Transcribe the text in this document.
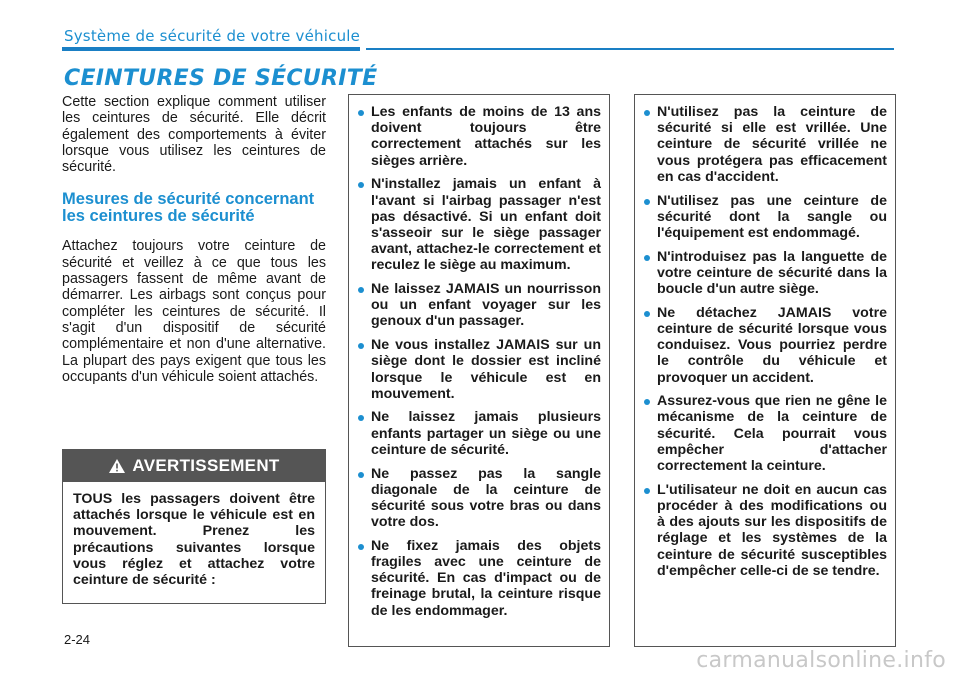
Système de sécurité de votre véhicule
CEINTURES DE SÉCURITÉ

Cette section explique comment utiliser les ceintures de sécurité. Elle décrit également des comportements à éviter lorsque vous utilisez les ceintures de sécurité.

Mesures de sécurité concernant les ceintures de sécurité

Attachez toujours votre ceinture de sécurité et veillez à ce que tous les passagers fassent de même avant de démarrer. Les airbags sont conçus pour compléter les ceintures de sécurité. Il s'agit d'un dispositif de sécurité complémentaire et non d'une alternative. La plupart des pays exigent que tous les occupants d'un véhicule soient attachés.

AVERTISSEMENT

TOUS les passagers doivent être attachés lorsque le véhicule est en mouvement. Prenez les précautions suivantes lorsque vous réglez et attachez votre ceinture de sécurité :

Les enfants de moins de 13 ans doivent toujours être correctement attachés sur les sièges arrière.
N'installez jamais un enfant à l'avant si l'airbag passager n'est pas désactivé. Si un enfant doit s'asseoir sur le siège passager avant, attachez-le correctement et reculez le siège au maximum.
Ne laissez JAMAIS un nourrisson ou un enfant voyager sur les genoux d'un passager.
Ne vous installez JAMAIS sur un siège dont le dossier est incliné lorsque le véhicule est en mouvement.
Ne laissez jamais plusieurs enfants partager un siège ou une ceinture de sécurité.
Ne passez pas la sangle diagonale de la ceinture de sécurité sous votre bras ou dans votre dos.
Ne fixez jamais des objets fragiles avec une ceinture de sécurité. En cas d'impact ou de freinage brutal, la ceinture risque de les endommager.
N'utilisez pas la ceinture de sécurité si elle est vrillée. Une ceinture de sécurité vrillée ne vous protégera pas efficacement en cas d'accident.
N'utilisez pas une ceinture de sécurité dont la sangle ou l'équipement est endommagé.
N'introduisez pas la languette de votre ceinture de sécurité dans la boucle d'un autre siège.
Ne détachez JAMAIS votre ceinture de sécurité lorsque vous conduisez. Vous pourriez perdre le contrôle du véhicule et provoquer un accident.
Assurez-vous que rien ne gêne le mécanisme de la ceinture de sécurité. Cela pourrait vous empêcher d'attacher correctement la ceinture.
L'utilisateur ne doit en aucun cas procéder à des modifications ou à des ajouts sur les dispositifs de réglage et les systèmes de la ceinture de sécurité susceptibles d'empêcher celle-ci de se tendre.
2-24
carmanualsonline.info
